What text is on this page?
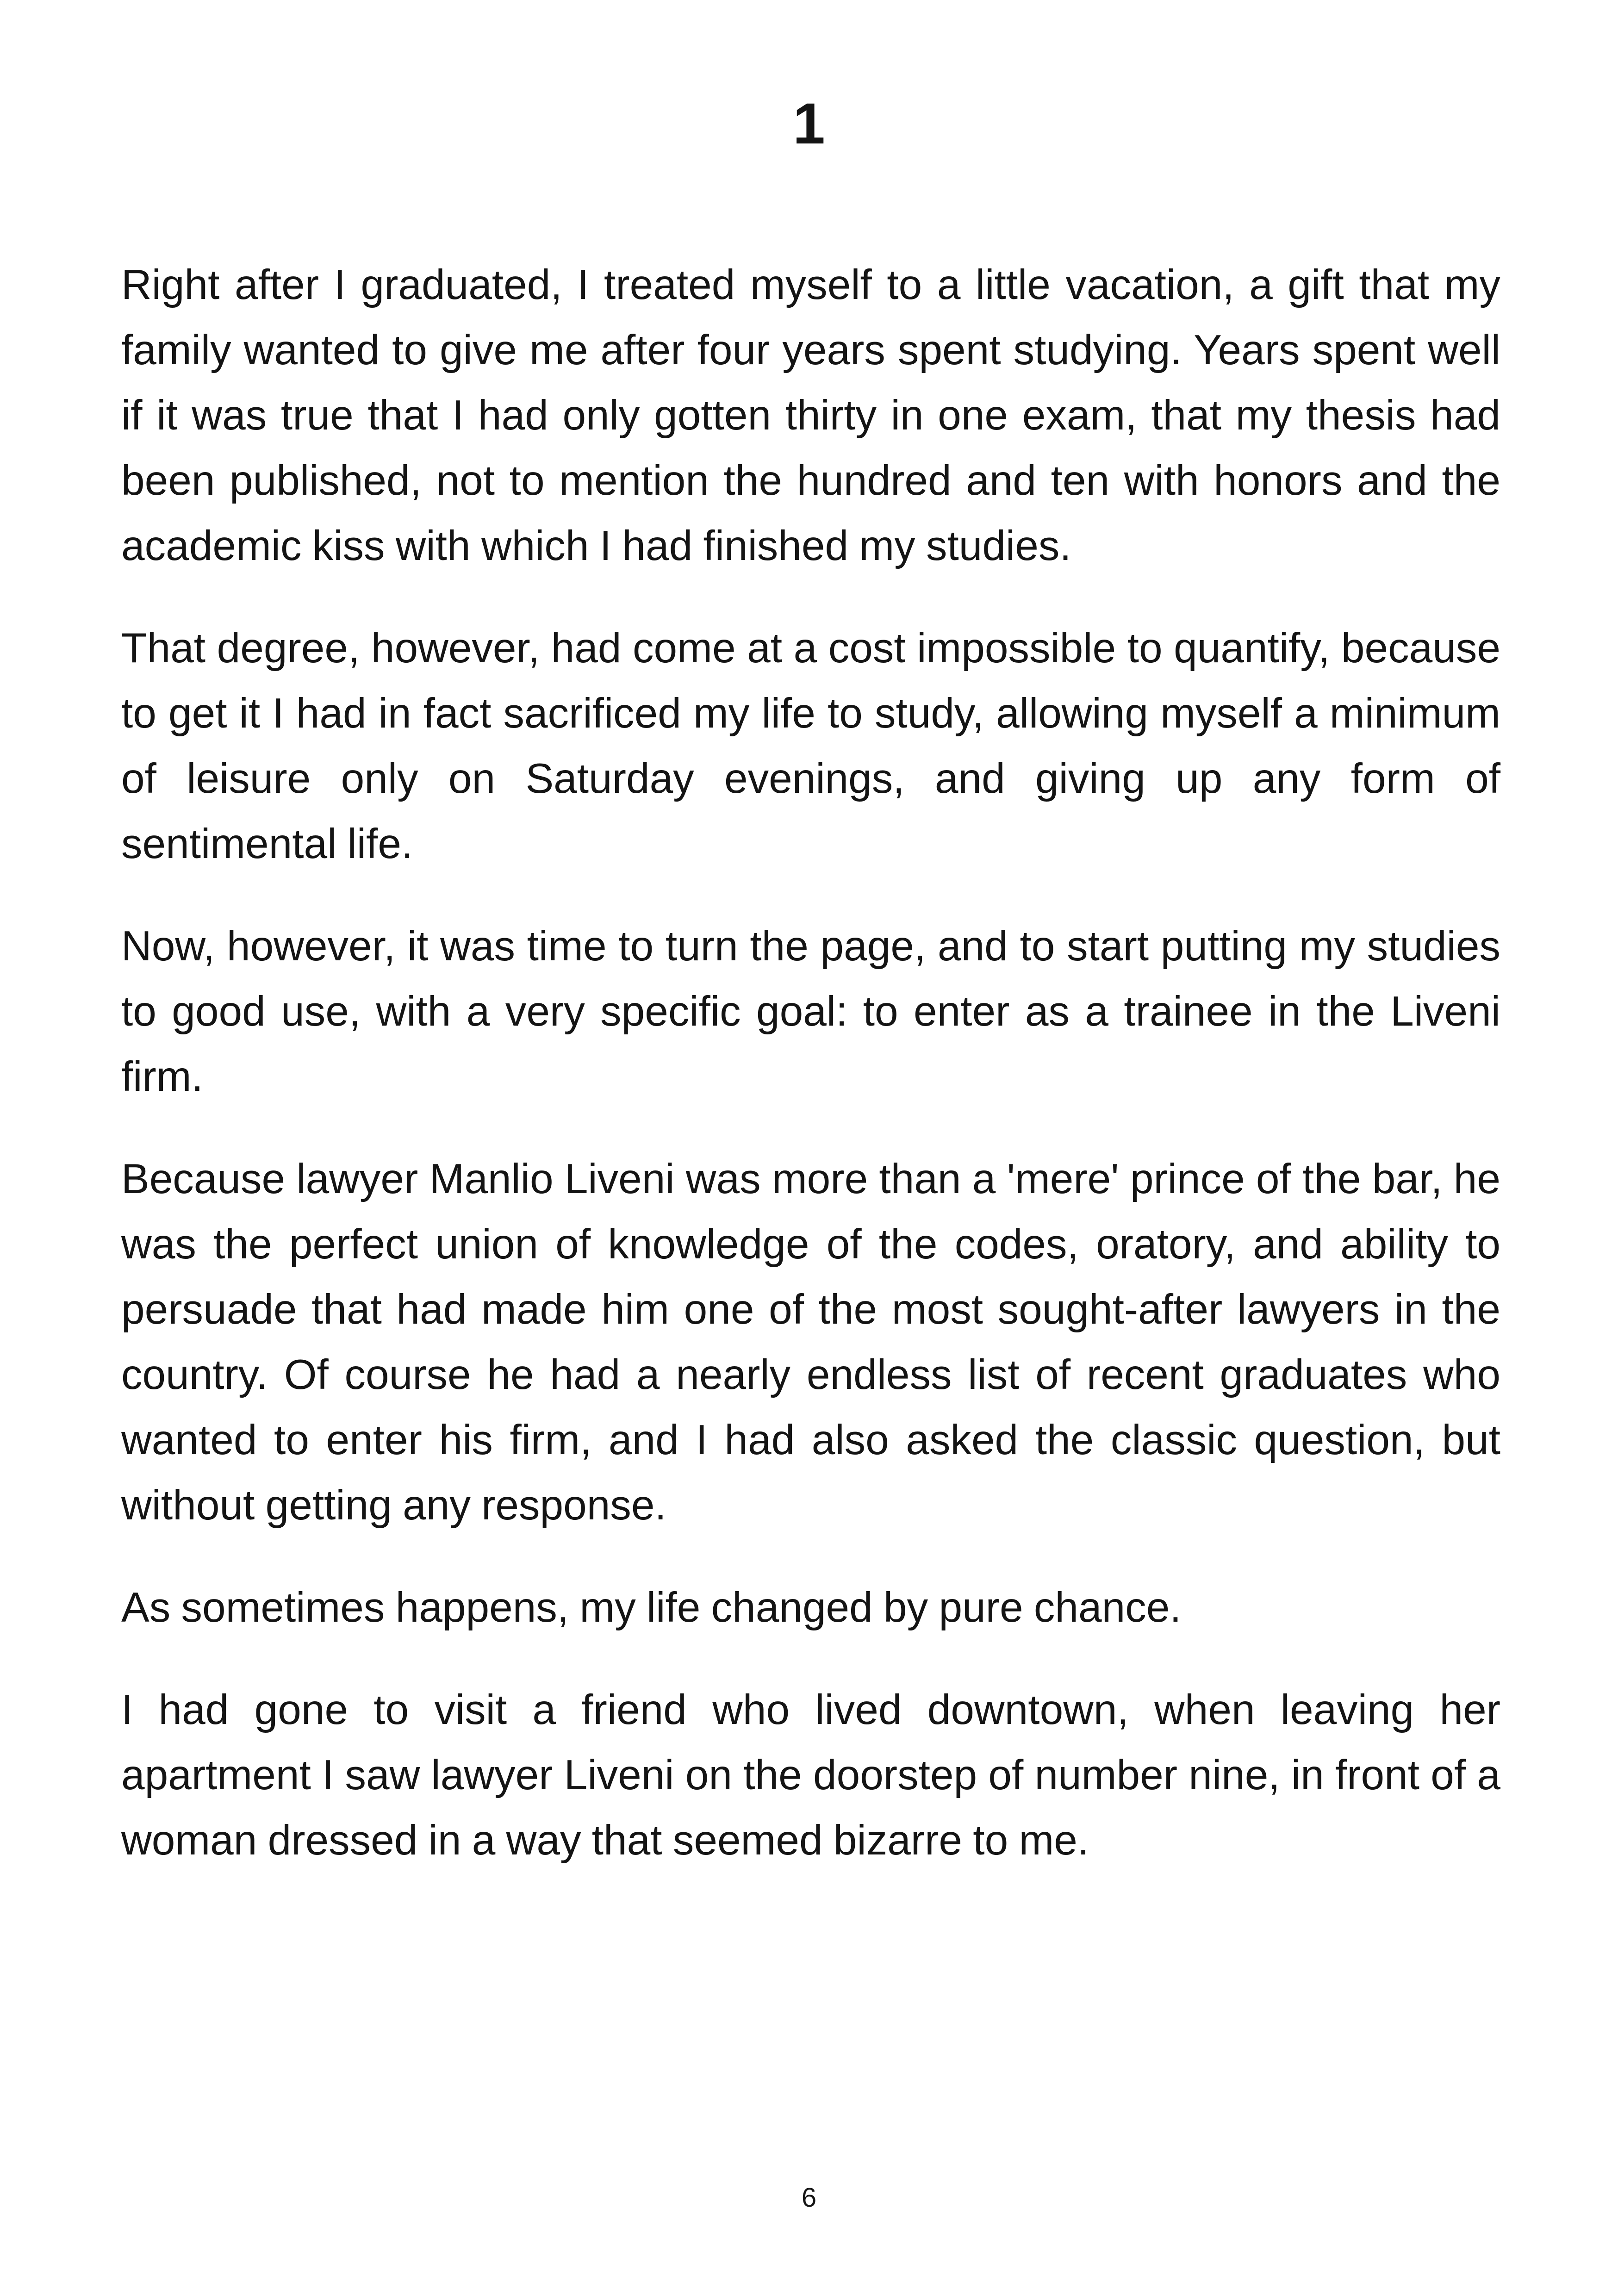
1

Right after I graduated, I treated myself to a little vacation, a gift that my family wanted to give me after four years spent studying. Years spent well if it was true that I had only gotten thirty in one exam, that my thesis had been published, not to mention the hundred and ten with honors and the academic kiss with which I had finished my studies.

That degree, however, had come at a cost impossible to quantify, because to get it I had in fact sacrificed my life to study, allowing myself a minimum of leisure only on Saturday evenings, and giving up any form of sentimental life.

Now, however, it was time to turn the page, and to start putting my studies to good use, with a very specific goal: to enter as a trainee in the Liveni firm.

Because lawyer Manlio Liveni was more than a 'mere' prince of the bar, he was the perfect union of knowledge of the codes, oratory, and ability to persuade that had made him one of the most sought-after lawyers in the country. Of course he had a nearly endless list of recent graduates who wanted to enter his firm, and I had also asked the classic question, but without getting any response.

As sometimes happens, my life changed by pure chance.

I had gone to visit a friend who lived downtown, when leaving her apartment I saw lawyer Liveni on the doorstep of number nine, in front of a woman dressed in a way that seemed bizarre to me.

6
